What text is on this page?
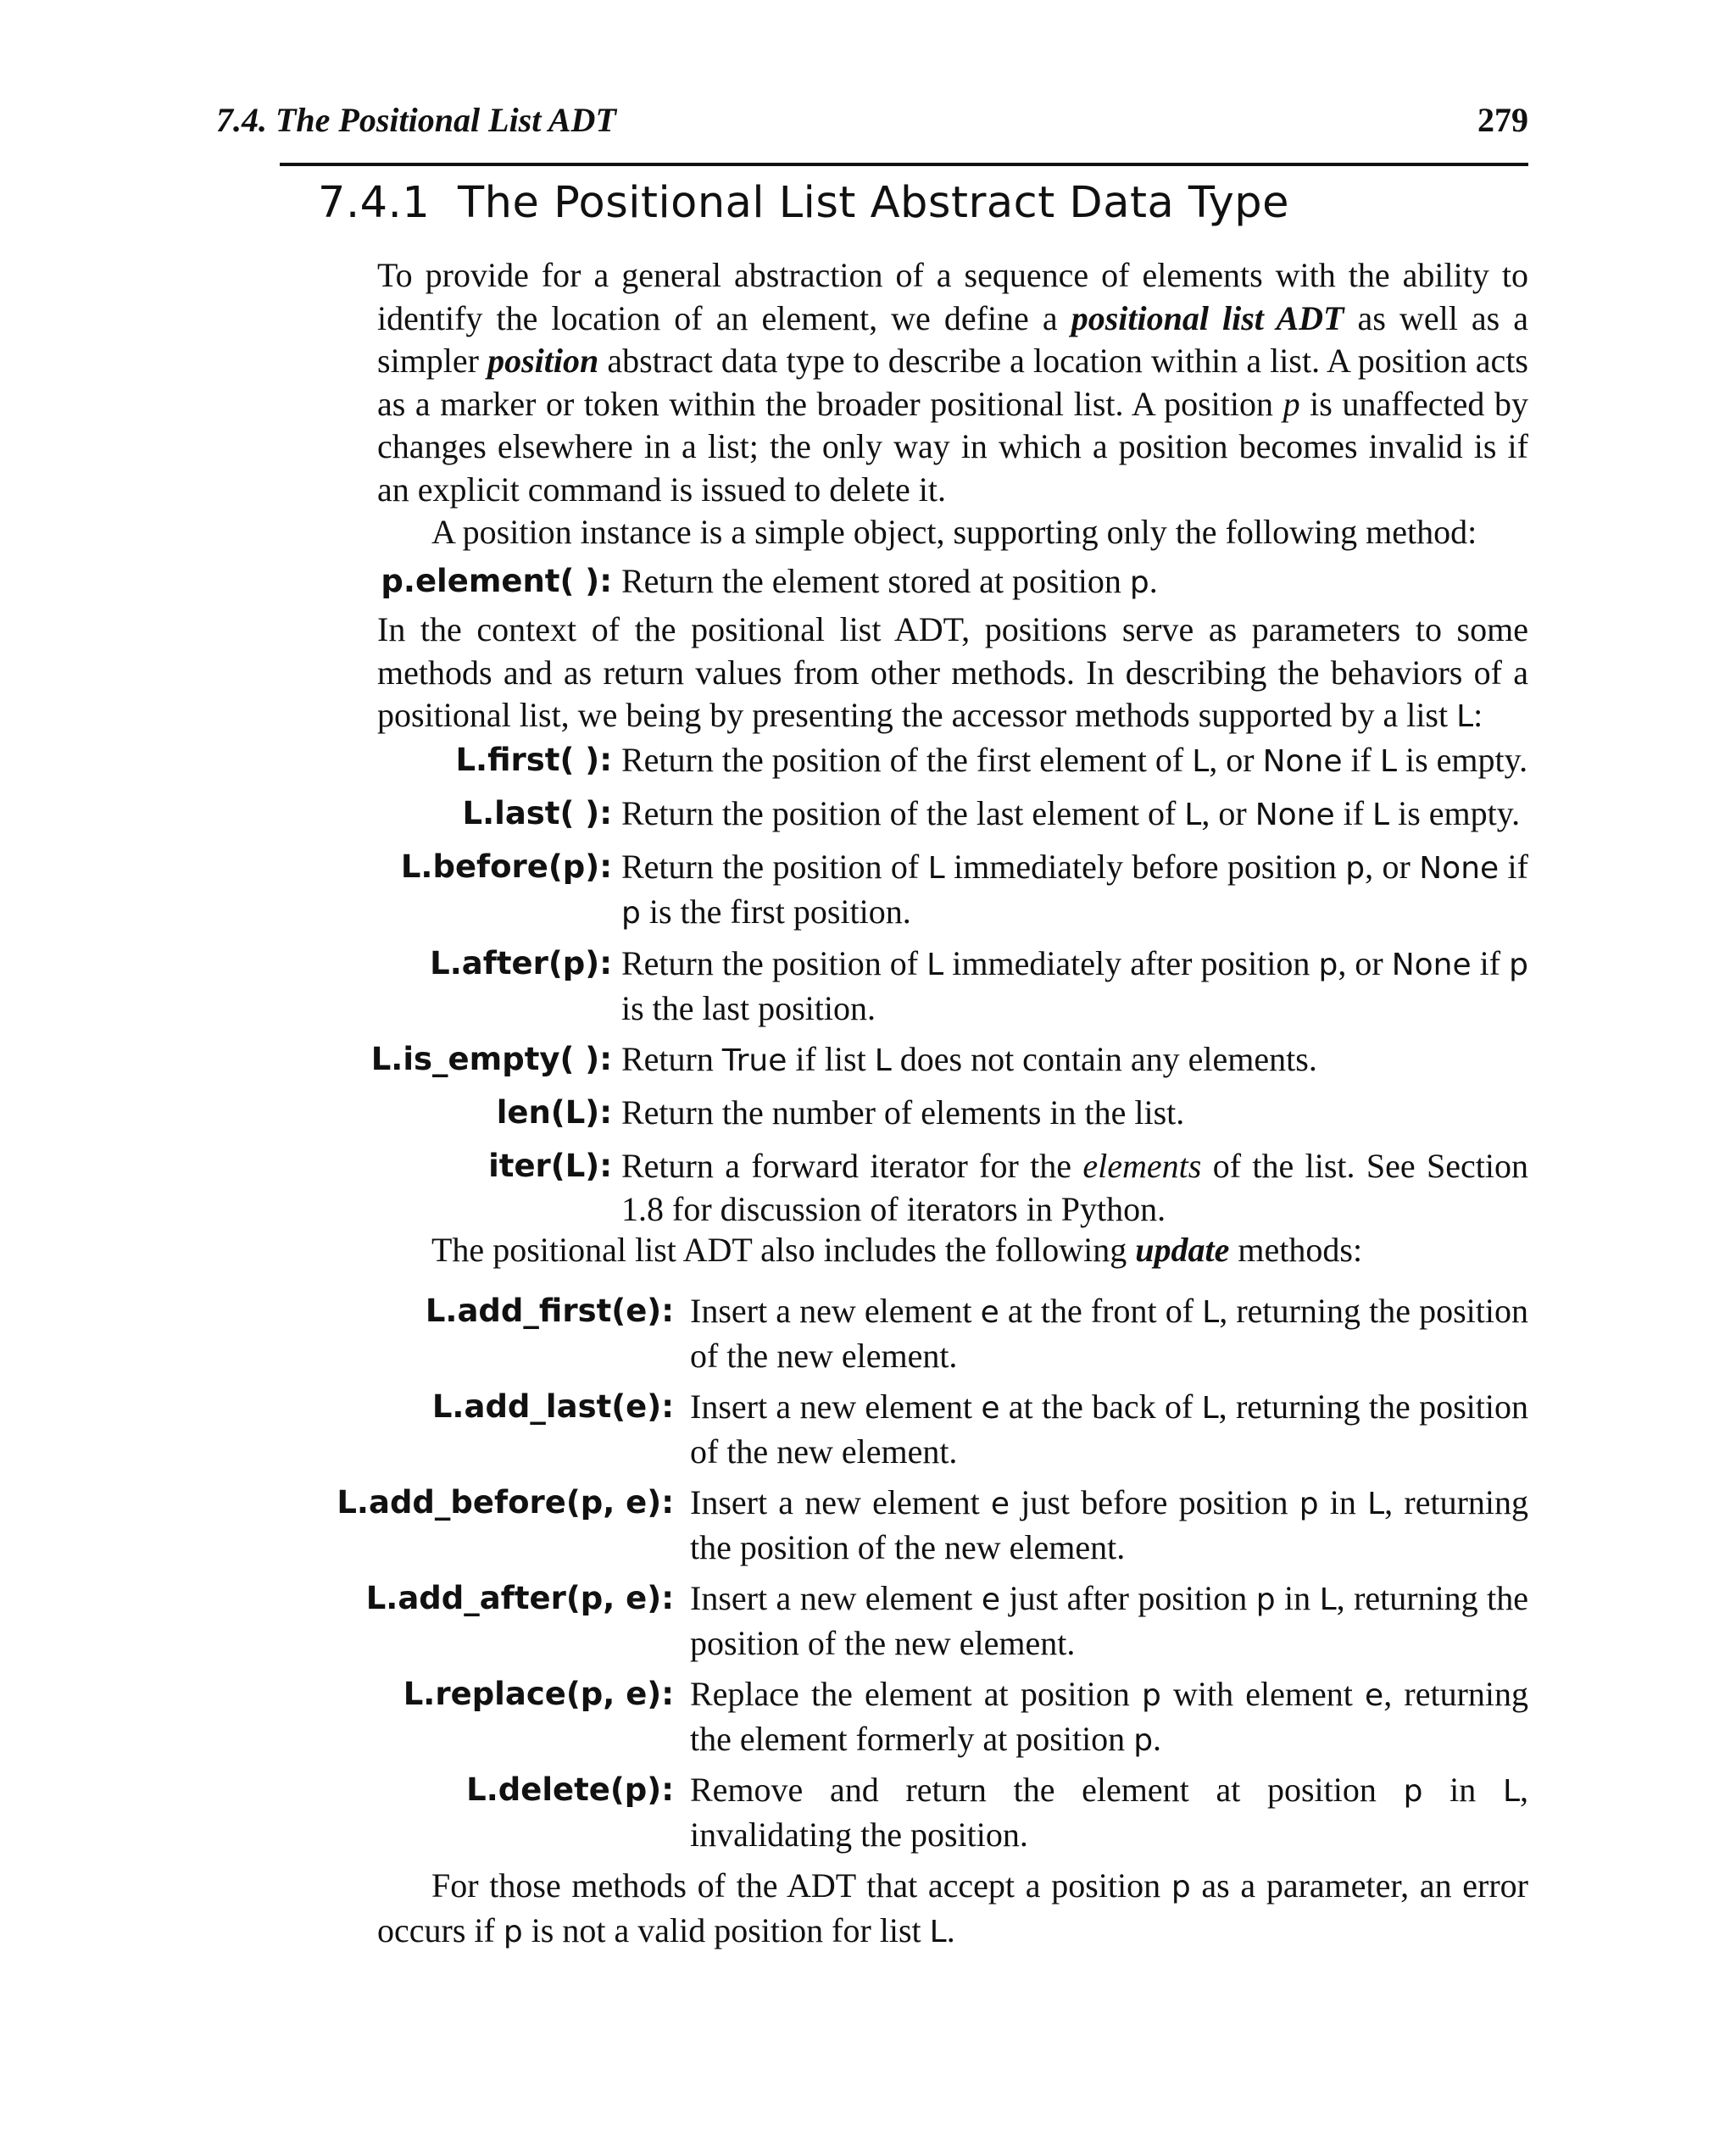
7.4. The Positional List ADT	279
7.4.1 The Positional List Abstract Data Type

To provide for a general abstraction of a sequence of elements with the ability to identify the location of an element, we define a positional list ADT as well as a simpler position abstract data type to describe a location within a list. A position acts as a marker or token within the broader positional list. A position p is unaffected by changes elsewhere in a list; the only way in which a position becomes invalid is if an explicit command is issued to delete it.

A position instance is a simple object, supporting only the following method:

p.element( ): Return the element stored at position p.

In the context of the positional list ADT, positions serve as parameters to some methods and as return values from other methods. In describing the behaviors of a positional list, we being by presenting the accessor methods supported by a list L:

L.first( ): Return the position of the first element of L, or None if L is empty.
L.last( ): Return the position of the last element of L, or None if L is empty.
L.before(p): Return the position of L immediately before position p, or None if p is the first position.
L.after(p): Return the position of L immediately after position p, or None if p is the last position.
L.is_empty( ): Return True if list L does not contain any elements.
len(L): Return the number of elements in the list.
iter(L): Return a forward iterator for the elements of the list. See Section 1.8 for discussion of iterators in Python.

The positional list ADT also includes the following update methods:

L.add_first(e): Insert a new element e at the front of L, returning the position of the new element.
L.add_last(e): Insert a new element e at the back of L, returning the position of the new element.
L.add_before(p, e): Insert a new element e just before position p in L, returning the position of the new element.
L.add_after(p, e): Insert a new element e just after position p in L, returning the position of the new element.
L.replace(p, e): Replace the element at position p with element e, returning the element formerly at position p.
L.delete(p): Remove and return the element at position p in L, invalidating the position.

For those methods of the ADT that accept a position p as a parameter, an error occurs if p is not a valid position for list L.
